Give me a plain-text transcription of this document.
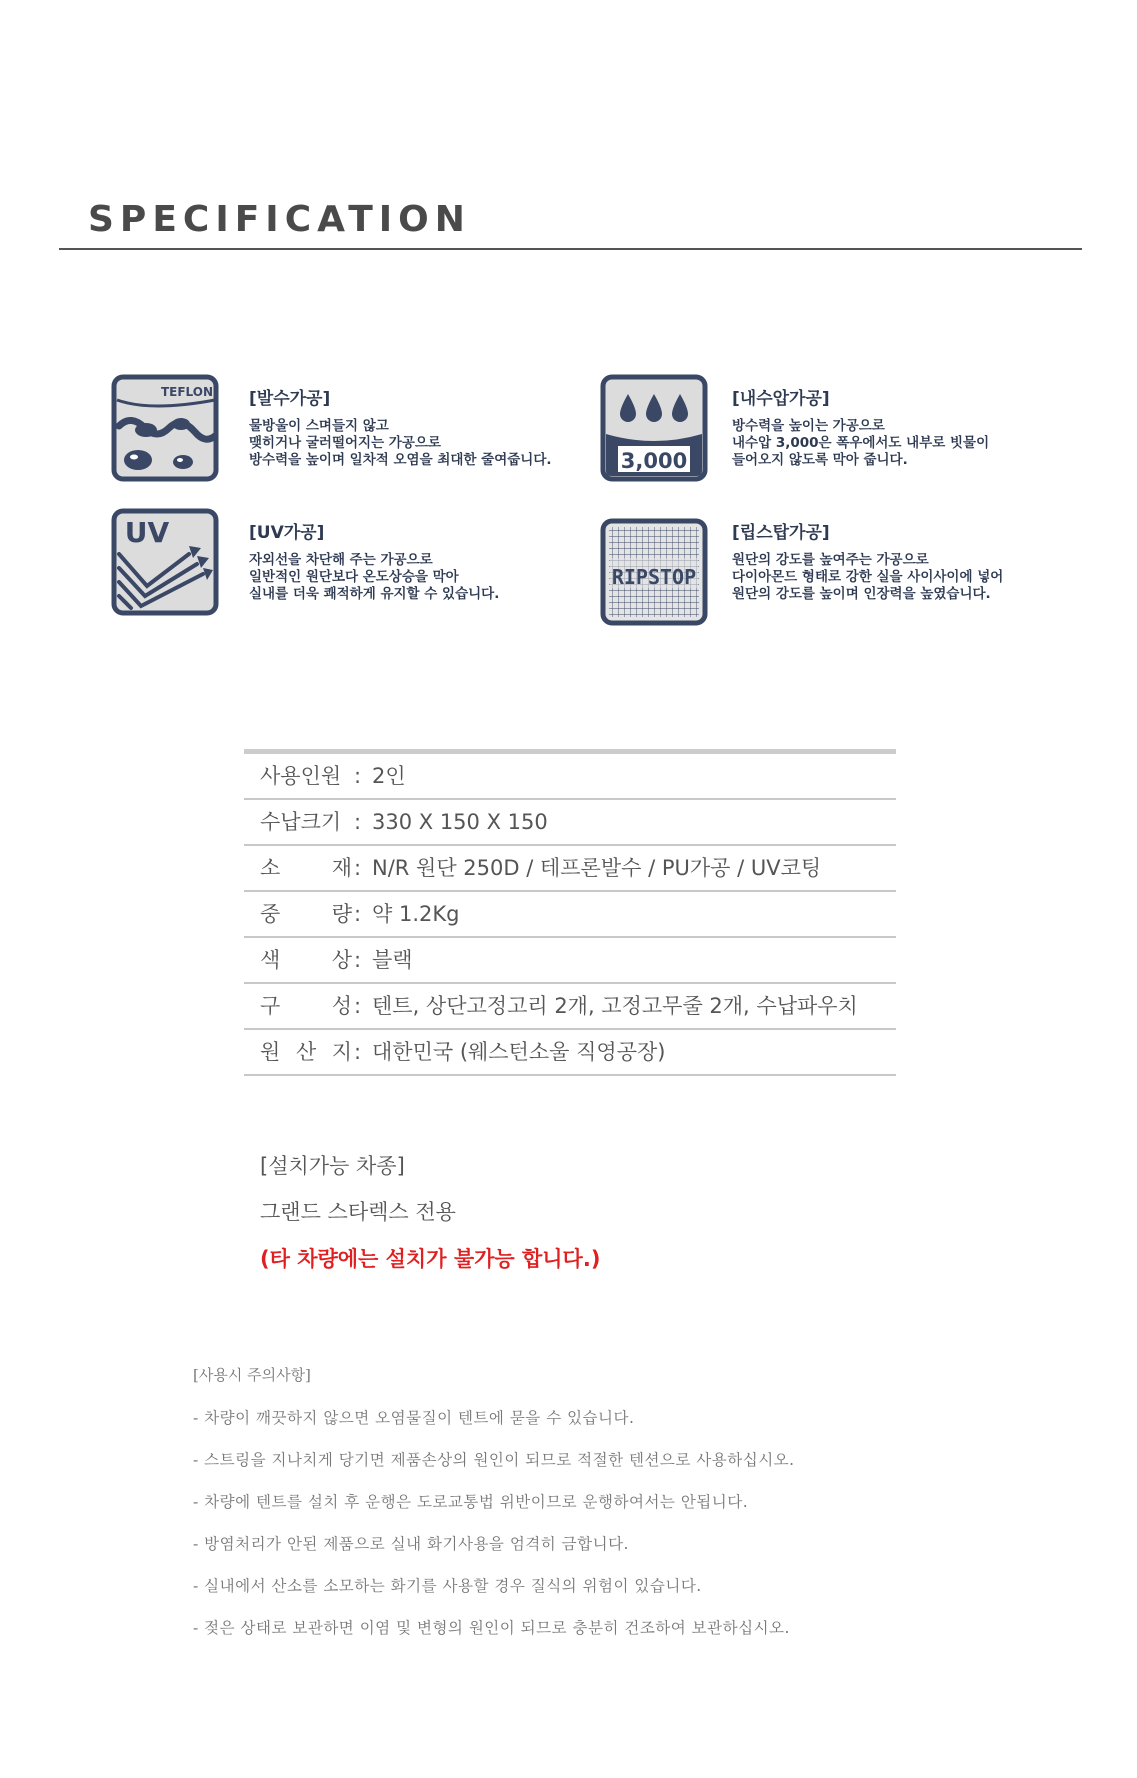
SPECIFICATION
TEFLON [발수가공]
물방울이 스며들지 않고
맺히거나 굴러떨어지는 가공으로
방수력을 높이며 일차적 오염을 최대한 줄여줍니다.	3,000
[내수압가공]
방수력을 높이는 가공으로
내수압 3,000은 폭우에서도 내부로 빗물이
들어오지 않도록 막아 줍니다.
UV	[UV가공]
자외선을 차단해 주는 가공으로
일반적인 원단보다 온도상승을 막아
실내를 더욱 쾌적하게 유지할 수 있습니다.
RIPSTOP
[립스탑가공]
원단의 강도를 높여주는 가공으로
다이아몬드 형태로 강한 실을 사이사이에 넣어
원단의 강도를 높이며 인장력을 높였습니다.
사용인원 : 2인
수납크기 : 330 X 150 X 150
소 재 : N/R 원단 250D / 테프론발수 / PU가공 / UV코팅
중 량 : 약 1.2Kg
색 상 : 블랙
구 성 : 텐트, 상단고정고리 2개, 고정고무줄 2개, 수납파우치
원 산 지 : 대한민국 (웨스턴소울 직영공장)
[설치가능 차종]
그랜드 스타렉스 전용
(타 차량에는 설치가 불가능 합니다.)
[사용시 주의사항]
- 차량이 깨끗하지 않으면 오염물질이 텐트에 묻을 수 있습니다.
- 스트링을 지나치게 당기면 제품손상의 원인이 되므로 적절한 텐션으로 사용하십시오.
- 차량에 텐트를 설치 후 운행은 도로교통법 위반이므로 운행하여서는 안됩니다.
- 방염처리가 안된 제품으로 실내 화기사용을 엄격히 금합니다.
- 실내에서 산소를 소모하는 화기를 사용할 경우 질식의 위험이 있습니다.
- 젖은 상태로 보관하면 이염 및 변형의 원인이 되므로 충분히 건조하여 보관하십시오.
